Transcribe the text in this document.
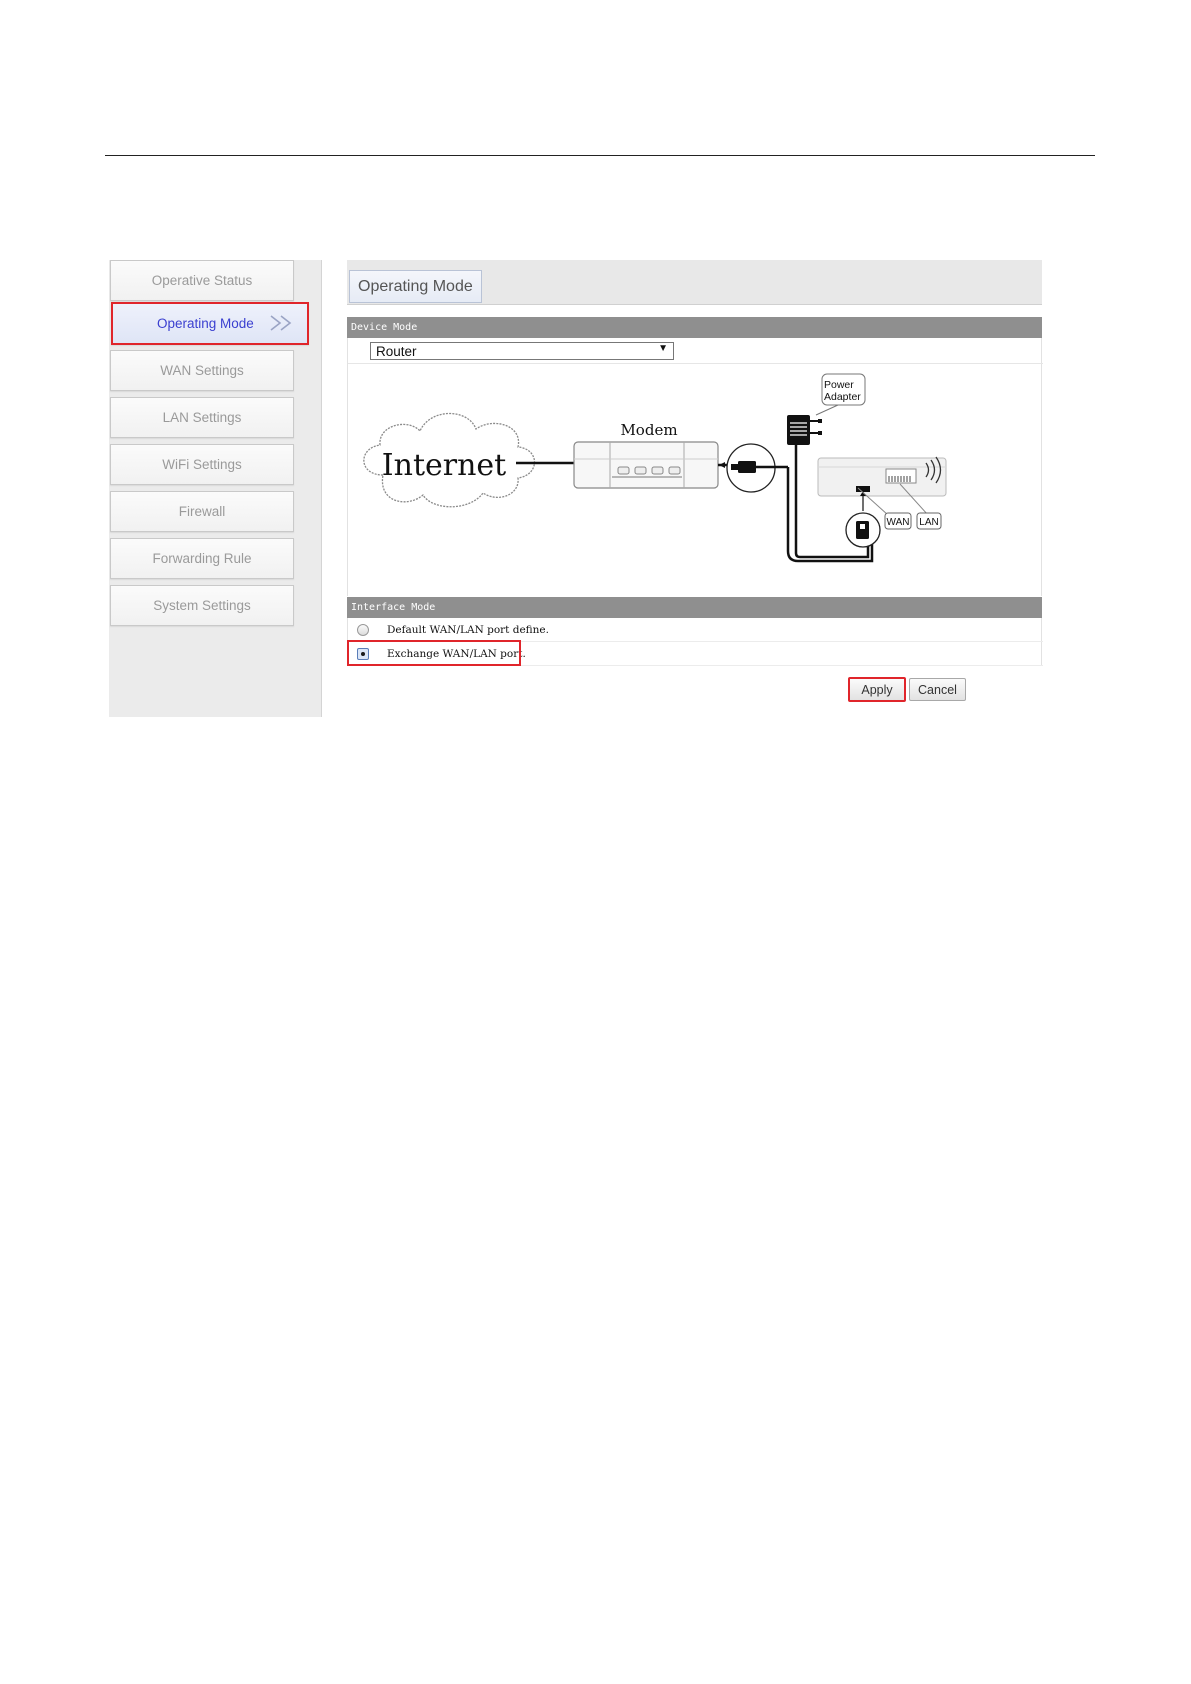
Operative Status
Operating Mode
WAN Settings
LAN Settings
WiFi Settings
Firewall
Forwarding Rule
System Settings
Operating Mode
Device Mode
Router	▼
Internet
Modem
Power
Adapter
WAN LAN
Interface Mode
Default WAN/LAN port define.
Exchange WAN/LAN port.
Apply	Cancel
